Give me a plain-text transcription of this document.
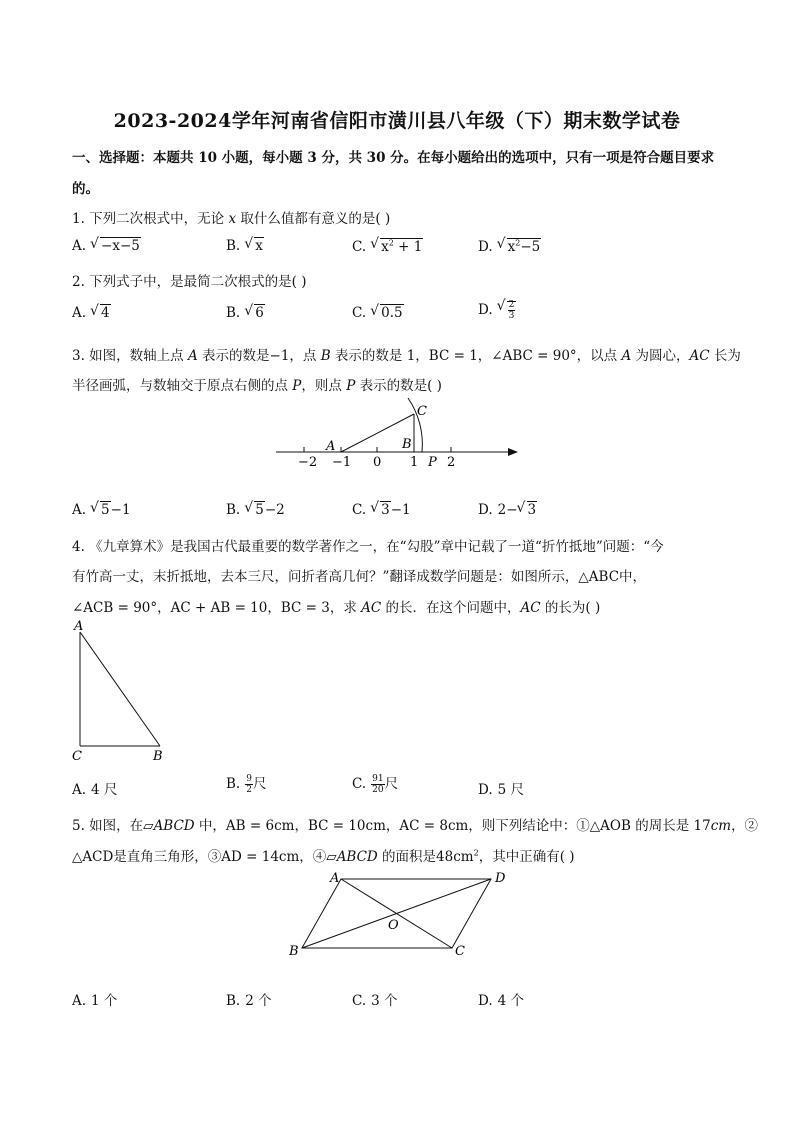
2023-2024学年河南省信阳市潢川县八年级（下）期末数学试卷
一、选择题：本题共 10 小题，每小题 3 分，共 30 分。在每小题给出的选项中，只有一项是符合题目要求
的。
1. 下列二次根式中，无论 x 取什么值都有意义的是( )
A. √ −x−5	B. √ x	C. √ $x^2 + 1$	D. √ $x^2-5$
2. 下列式子中，是最简二次根式的是( )
A. √ 4	B. √ 6	C. √ 0.5	D. √ $\frac{2}{3}$
3. 如图，数轴上点 A 表示的数是−1，点 B 表示的数是 1，BC = 1，∠ABC = 90°，以点 A 为圆心，AC 长为
半径画弧，与数轴交于原点右侧的点 P，则点 P 表示的数是( )
−2 −1 0 1 2
A	B
C
P
A
C	B
A	D
B	C
O
A. √ 5−1	B. √ 5−2	C. √ 3−1	D. 2− √ 3
4. 《九章算术》是我国古代最重要的数学著作之一，在“勾股”章中记载了一道“折竹抵地”问题：“今
有竹高一丈，末折抵地，去本三尺，问折者高几何？”翻译成数学问题是：如图所示，△ABC中，
∠ACB = 90°，AC + AB = 10，BC = 3，求 AC 的长．在这个问题中，AC 的长为( )
A. 4 尺	B. $\frac{9}{2}$ 尺	C. $\frac{91}{20}$ 尺	D. 5 尺
5. 如图，在▱ABCD 中，AB = 6cm，BC = 10cm，AC = 8cm，则下列结论中：①△AOB 的周长是 17cm，②
△ACD是直角三角形，③AD = 14cm，④▱ABCD 的面积是$48cm^2$，其中正确有( )
A. 1 个	B. 2 个	C. 3 个	D. 4 个
